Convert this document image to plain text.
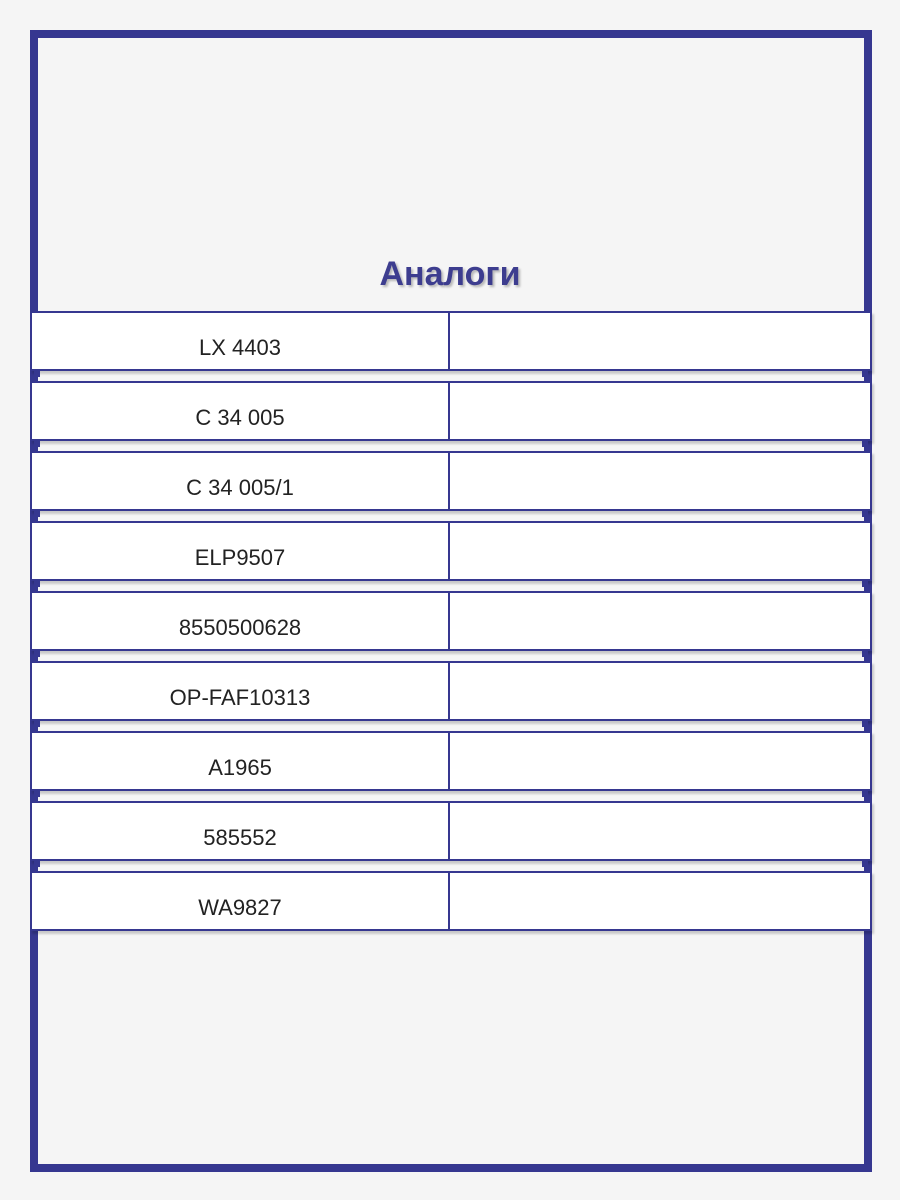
Аналоги
LX 4403
C 34 005
C 34 005/1
ELP9507
8550500628
OP-FAF10313
A1965
585552
WA9827
